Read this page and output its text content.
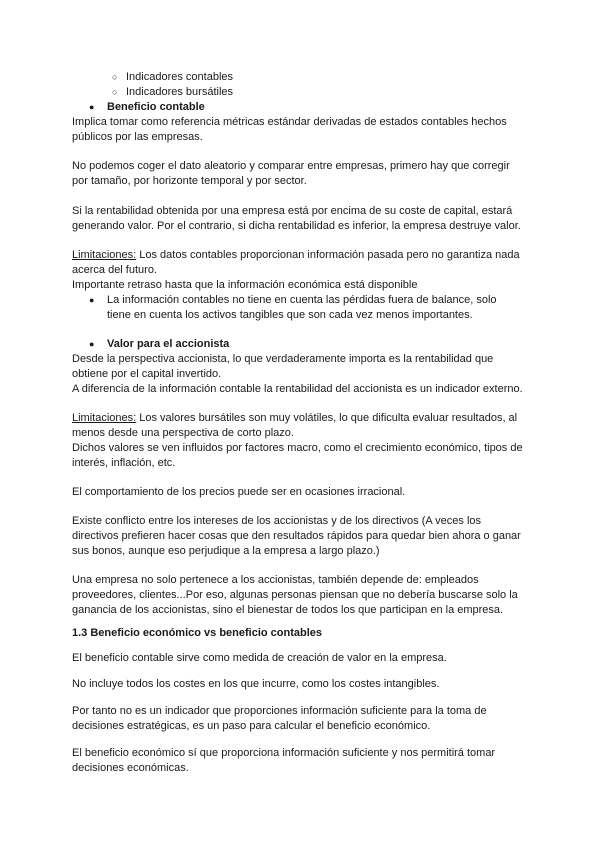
○ Indicadores contables
○ Indicadores bursátiles
● Beneficio contable
Implica tomar como referencia métricas estándar derivadas de estados contables hechos
públicos por las empresas.
No podemos coger el dato aleatorio y comparar entre empresas, primero hay que corregir
por tamaño, por horizonte temporal y por sector.
Si la rentabilidad obtenida por una empresa está por encima de su coste de capital, estará
generando valor. Por el contrario, si dicha rentabilidad es inferior, la empresa destruye valor.
Limitaciones: Los datos contables proporcionan información pasada pero no garantiza nada
acerca del futuro.
Importante retraso hasta que la información económica está disponible
● La información contables no tiene en cuenta las pérdidas fuera de balance, solo
tiene en cuenta los activos tangibles que son cada vez menos importantes.
● Valor para el accionista
Desde la perspectiva accionista, lo que verdaderamente importa es la rentabilidad que
obtiene por el capital invertido.
A diferencia de la información contable la rentabilidad del accionista es un indicador externo.
Limitaciones: Los valores bursátiles son muy volátiles, lo que dificulta evaluar resultados, al
menos desde una perspectiva de corto plazo.
Dichos valores se ven influidos por factores macro, como el crecimiento económico, tipos de
interés, inflación, etc.
El comportamiento de los precios puede ser en ocasiones irracional.
Existe conflicto entre los intereses de los accionistas y de los directivos (A veces los
directivos prefieren hacer cosas que den resultados rápidos para quedar bien ahora o ganar
sus bonos, aunque eso perjudique a la empresa a largo plazo.)
Una empresa no solo pertenece a los accionistas, también depende de: empleados
proveedores, clientes...Por eso, algunas personas piensan que no debería buscarse solo la
ganancia de los accionistas, sino el bienestar de todos los que participan en la empresa.
1.3 Beneficio económico vs beneficio contables
El beneficio contable sirve como medida de creación de valor en la empresa.
No incluye todos los costes en los que incurre, como los costes intangibles.
Por tanto no es un indicador que proporciones información suficiente para la toma de
decisiones estratégicas, es un paso para calcular el beneficio económico.
El beneficio económico sí que proporciona información suficiente y nos permitirá tomar
decisiones económicas.
